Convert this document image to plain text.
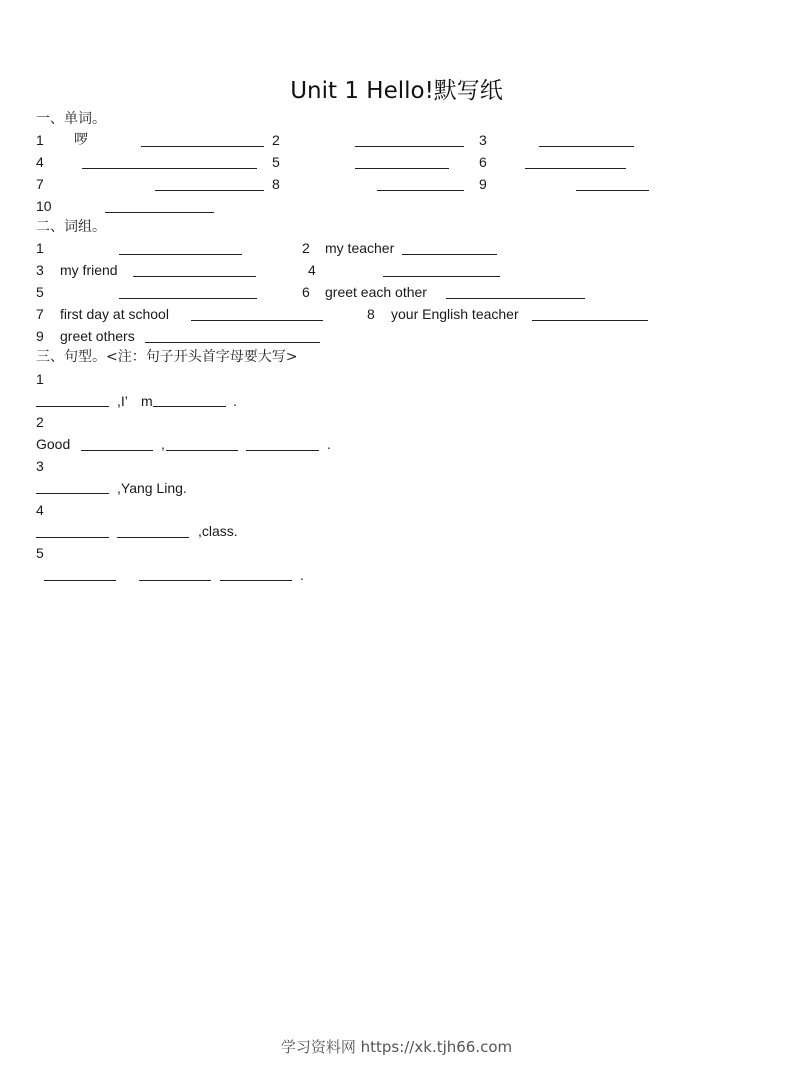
Unit 1 Hello!默写纸
一、单词。
1 啰	2	3
4	5	6
7	8	9
10
二、词组。
1	2 my teacher
3 my friend	4
5	6 greet each other
7 first day at school	8 your English teacher
9 greet others
三、句型。<注：句子开头首字母要大写>
1
,I’ m	.
2
Good	,	.
3
,Yang Ling.
4
,class.
5
.
学习资料网 https://xk.tjh66.com
